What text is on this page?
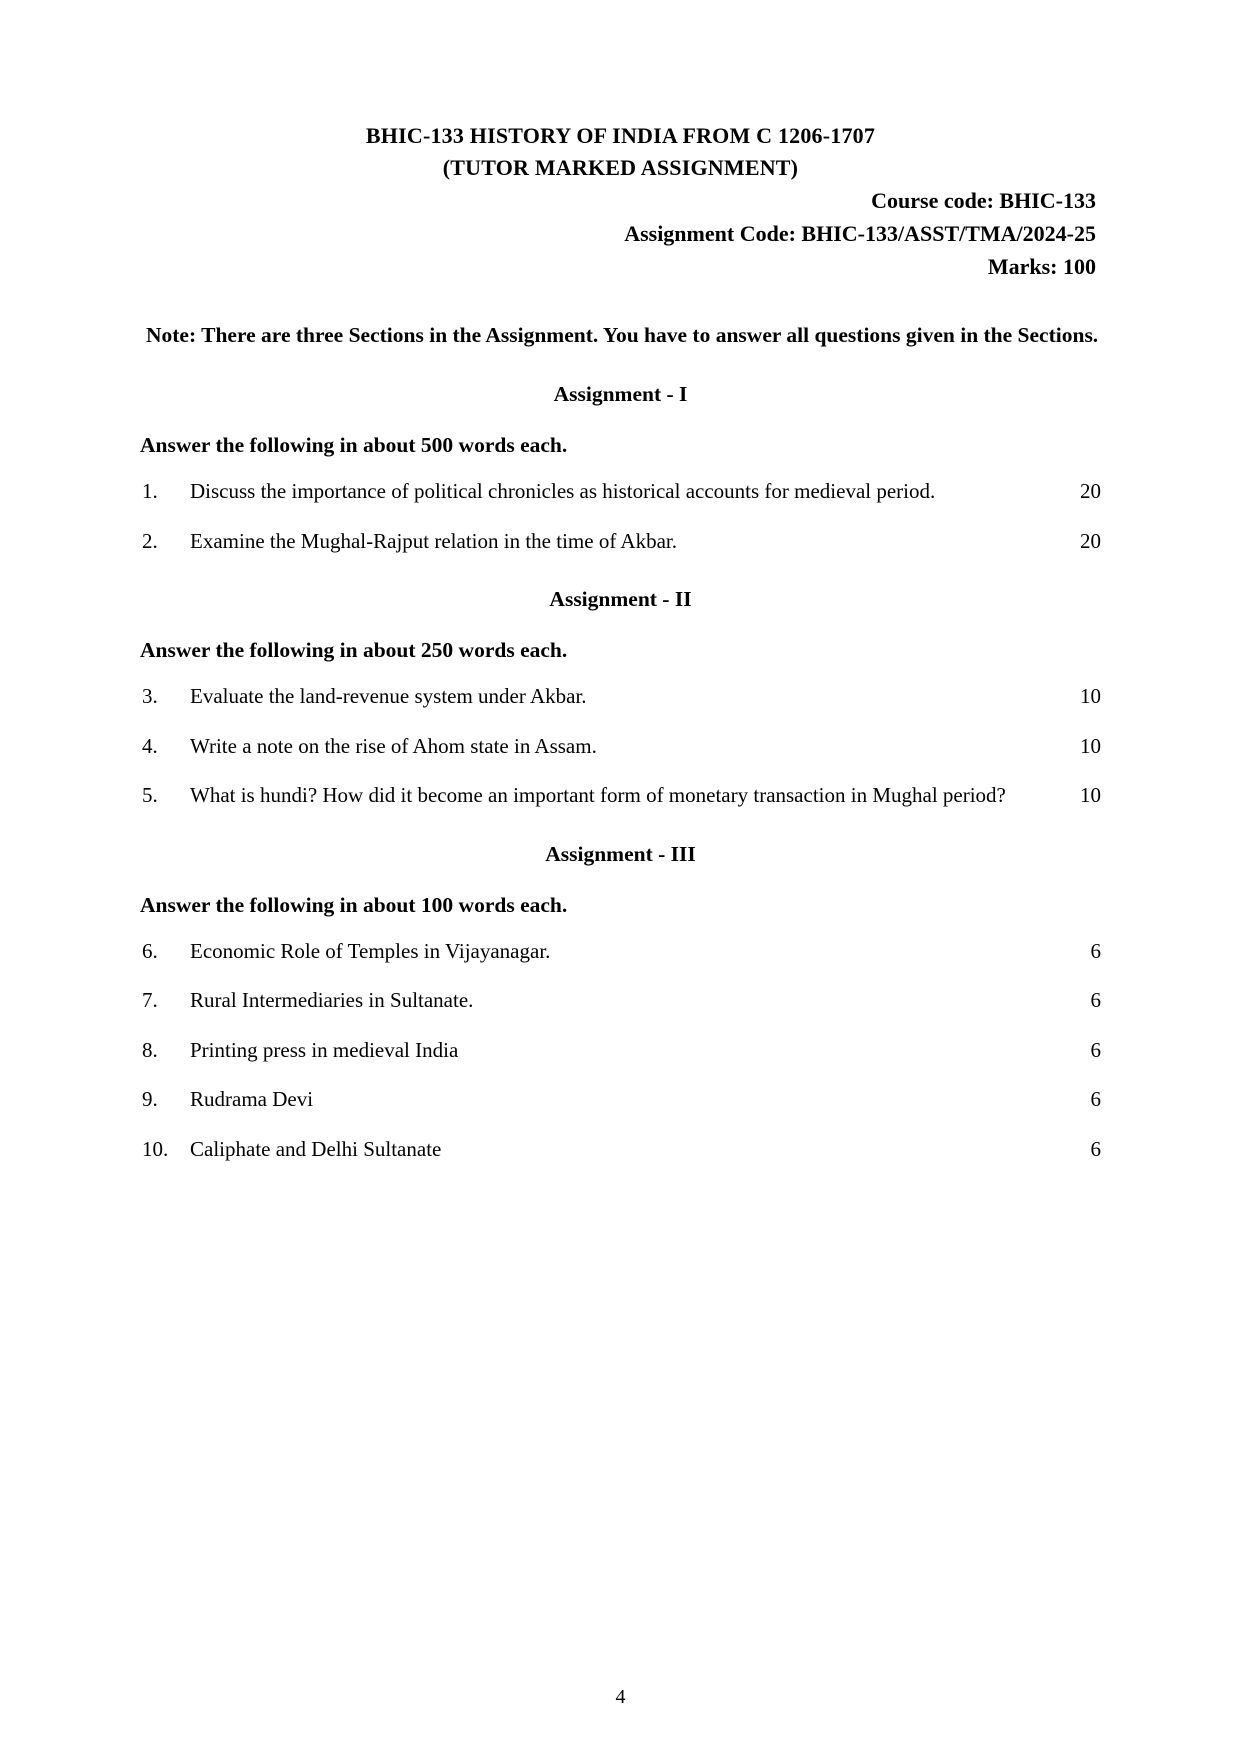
BHIC-133 HISTORY OF INDIA FROM C 1206-1707
(TUTOR MARKED ASSIGNMENT)
Course code: BHIC-133
Assignment Code: BHIC-133/ASST/TMA/2024-25
Marks: 100
Note: There are three Sections in the Assignment. You have to answer all questions given in the Sections.
Assignment - I
Answer the following in about 500 words each.
1.	Discuss the importance of political chronicles as historical accounts for medieval period.	20
2.	Examine the Mughal-Rajput relation in the time of Akbar.	20
Assignment - II
Answer the following in about 250 words each.
3.	Evaluate the land-revenue system under Akbar.	10
4.	Write a note on the rise of Ahom state in Assam.	10
5.	What is hundi? How did it become an important form of monetary transaction in Mughal period?	10
Assignment - III
Answer the following in about 100 words each.
6.	Economic Role of Temples in Vijayanagar.	6
7.	Rural Intermediaries in Sultanate.	6
8.	Printing press in medieval India	6
9.	Rudrama Devi	6
10.	Caliphate and Delhi Sultanate	6
4
